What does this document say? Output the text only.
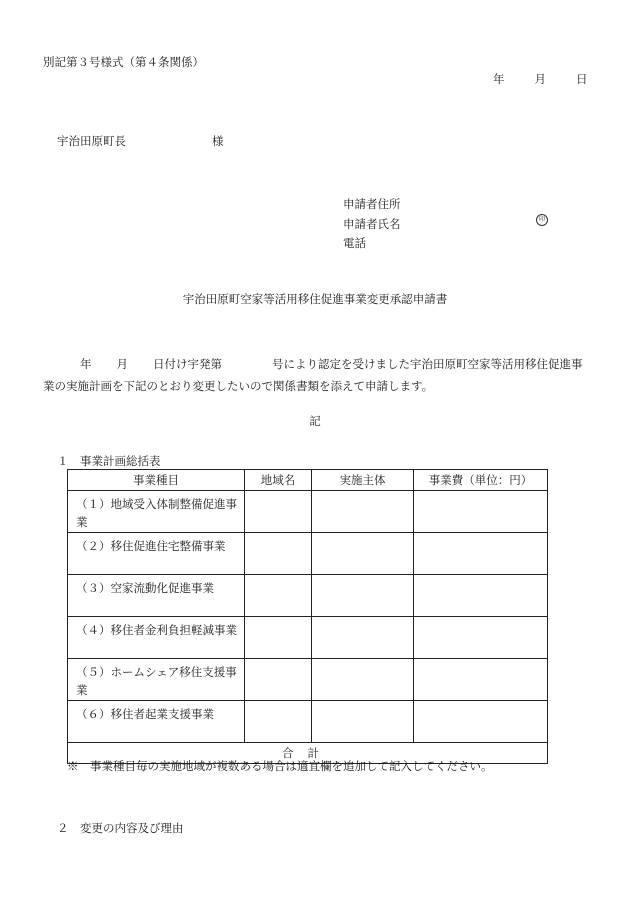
別記第３号様式（第４条関係）
年	月	日
宇治田原町長	様
申請者住所
申請者氏名
電話
印
宇治田原町空家等活用移住促進事業変更承認申請書
年 月 日付け宇発第	号により認定を受けました宇治田原町空家等活用移住促進事業の実施計画を下記のとおり変更したいので関係書類を添えて申請します。
記
１　事業計画総括表
事業種目	地域名	実施主体	事業費（単位：円）
（１）地域受入体制整備促進事業			
（２）移住促進住宅整備事業			
（３）空家流動化促進事業			
（４）移住者金利負担軽減事業			
（５）ホームシェア移住支援事業			
（６）移住者起業支援事業			
合計			
※　事業種目毎の実施地域が複数ある場合は適宜欄を追加して記入してください。
２　変更の内容及び理由
